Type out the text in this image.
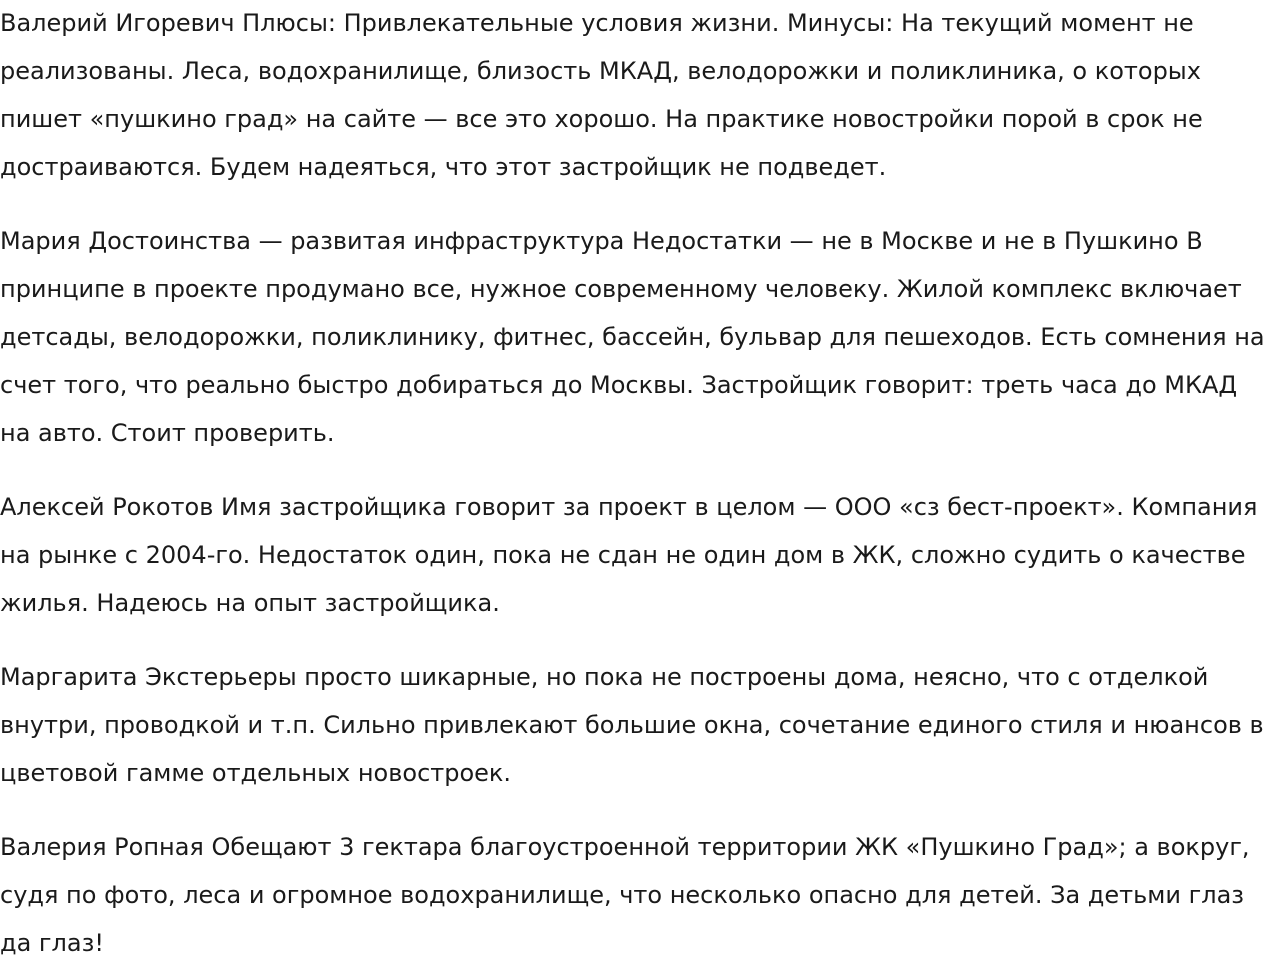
Валерий Игоревич Плюсы: Привлекательные условия жизни. Минусы: На текущий момент не реализованы. Леса, водохранилище, близость МКАД, велодорожки и поликлиника, о которых пишет «пушкино град» на сайте — все это хорошо. На практике новостройки порой в срок не достраиваются. Будем надеяться, что этот застройщик не подведет.

Мария Достоинства — развитая инфраструктура Недостатки — не в Москве и не в Пушкино В принципе в проекте продумано все, нужное современному человеку. Жилой комплекс включает детсады, велодорожки, поликлинику, фитнес, бассейн, бульвар для пешеходов. Есть сомнения на счет того, что реально быстро добираться до Москвы. Застройщик говорит: треть часа до МКАД на авто. Стоит проверить.

Алексей Рокотов Имя застройщика говорит за проект в целом — ООО «сз бест-проект». Компания на рынке с 2004-го. Недостаток один, пока не сдан не один дом в ЖК, сложно судить о качестве жилья. Надеюсь на опыт застройщика.

Маргарита Экстерьеры просто шикарные, но пока не построены дома, неясно, что с отделкой внутри, проводкой и т.п. Сильно привлекают большие окна, сочетание единого стиля и нюансов в цветовой гамме отдельных новостроек.

Валерия Ропная Обещают 3 гектара благоустроенной территории ЖК «Пушкино Град»; а вокруг, судя по фото, леса и огромное водохранилище, что несколько опасно для детей. За детьми глаз да глаз!
